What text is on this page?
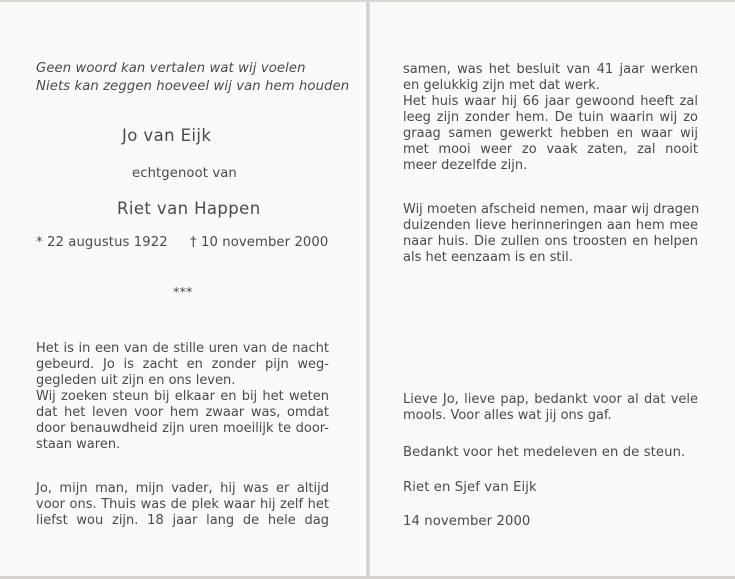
Geen woord kan vertalen wat wij voelen

Niets kan zeggen hoeveel wij van hem houden

Jo van Eijk

echtgenoot van

Riet van Happen

* 22 augustus 1922 † 10 november 2000

***

Het is in een van de stille uren van de nacht
gebeurd. Jo is zacht en zonder pijn weg-
gegleden uit zijn en ons leven.
Wij zoeken steun bij elkaar en bij het weten
dat het leven voor hem zwaar was, omdat
door benauwdheid zijn uren moeilijk te door-
staan waren.
Jo, mijn man, mijn vader, hij was er altijd
voor ons. Thuis was de plek waar hij zelf het
liefst wou zijn. 18 jaar lang de hele dag
samen, was het besluit van 41 jaar werken
en gelukkig zijn met dat werk.
Het huis waar hij 66 jaar gewoond heeft zal
leeg zijn zonder hem. De tuin waarin wij zo
graag samen gewerkt hebben en waar wij
met mooi weer zo vaak zaten, zal nooit
meer dezelfde zijn.
Wij moeten afscheid nemen, maar wij dragen
duizenden lieve herinneringen aan hem mee
naar huis. Die zullen ons troosten en helpen
als het eenzaam is en stil.
Lieve Jo, lieve pap, bedankt voor al dat vele
mooIs. Voor alles wat jij ons gaf.

Bedankt voor het medeleven en de steun.

Riet en Sjef van Eijk

14 november 2000
